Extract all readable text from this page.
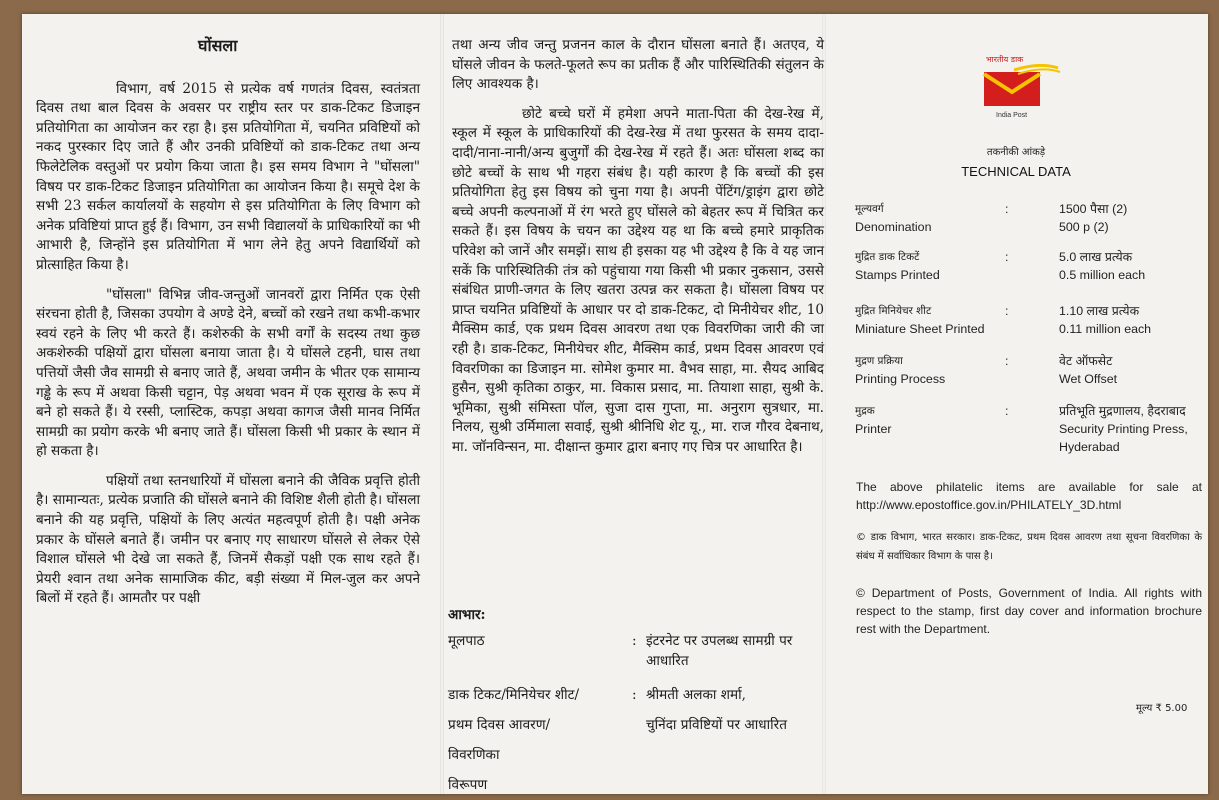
घोंसला

विभाग, वर्ष 2015 से प्रत्येक वर्ष गणतंत्र दिवस, स्वतंत्रता दिवस तथा बाल दिवस के अवसर पर राष्ट्रीय स्तर पर डाक-टिकट डिजाइन प्रतियोगिता का आयोजन कर रहा है। इस प्रतियोगिता में, चयनित प्रविष्टियों को नकद पुरस्कार दिए जाते हैं और उनकी प्रविष्टियों को डाक-टिकट तथा अन्य फिलेटेलिक वस्तुओं पर प्रयोग किया जाता है। इस समय विभाग ने "घोंसला" विषय पर डाक-टिकट डिजाइन प्रतियोगिता का आयोजन किया है। समूचे देश के सभी 23 सर्कल कार्यालयों के सहयोग से इस प्रतियोगिता के लिए विभाग को अनेक प्रविष्टियां प्राप्त हुई हैं। विभाग, उन सभी विद्यालयों के प्राधिकारियों का भी आभारी है, जिन्होंने इस प्रतियोगिता में भाग लेने हेतु अपने विद्यार्थियों को प्रोत्साहित किया है।

"घोंसला" विभिन्न जीव-जन्तुओं जानवरों द्वारा निर्मित एक ऐसी संरचना होती है, जिसका उपयोग वे अण्डे देने, बच्चों को रखने तथा कभी-कभार स्वयं रहने के लिए भी करते हैं। कशेरुकी के सभी वर्गों के सदस्य तथा कुछ अकशेरुकी पक्षियों द्वारा घोंसला बनाया जाता है। ये घोंसले टहनी, घास तथा पत्तियों जैसी जैव सामग्री से बनाए जाते हैं, अथवा जमीन के भीतर एक सामान्य गड्ढे के रूप में अथवा किसी चट्टान, पेड़ अथवा भवन में एक सूराख के रूप में बने हो सकते हैं। ये रस्सी, प्लास्टिक, कपड़ा अथवा कागज जैसी मानव निर्मित सामग्री का प्रयोग करके भी बनाए जाते हैं। घोंसला किसी भी प्रकार के स्थान में हो सकता है।

पक्षियों तथा स्तनधारियों में घोंसला बनाने की जैविक प्रवृत्ति होती है। सामान्यतः, प्रत्येक प्रजाति की घोंसले बनाने की विशिष्ट शैली होती है। घोंसला बनाने की यह प्रवृत्ति, पक्षियों के लिए अत्यंत महत्वपूर्ण होती है। पक्षी अनेक प्रकार के घोंसले बनाते हैं। जमीन पर बनाए गए साधारण घोंसले से लेकर ऐसे विशाल घोंसले भी देखे जा सकते हैं, जिनमें सैकड़ों पक्षी एक साथ रहते हैं। प्रेयरी श्वान तथा अनेक सामाजिक कीट, बड़ी संख्या में मिल-जुल कर अपने बिलों में रहते हैं। आमतौर पर पक्षी

तथा अन्य जीव जन्तु प्रजनन काल के दौरान घोंसला बनाते हैं। अतएव, ये घोंसले जीवन के फलते-फूलते रूप का प्रतीक हैं और पारिस्थितिकी संतुलन के लिए आवश्यक है।

छोटे बच्चे घरों में हमेशा अपने माता-पिता की देख-रेख में, स्कूल में स्कूल के प्राधिकारियों की देख-रेख में तथा फुरसत के समय दादा-दादी/नाना-नानी/अन्य बुजुर्गों की देख-रेख में रहते हैं। अतः घोंसला शब्द का छोटे बच्चों के साथ भी गहरा संबंध है। यही कारण है कि बच्चों की इस प्रतियोगिता हेतु इस विषय को चुना गया है। अपनी पेंटिंग/ड्राइंग द्वारा छोटे बच्चे अपनी कल्पनाओं में रंग भरते हुए घोंसले को बेहतर रूप में चित्रित कर सकते हैं। इस विषय के चयन का उद्देश्य यह था कि बच्चे हमारे प्राकृतिक परिवेश को जानें और समझें। साथ ही इसका यह भी उद्देश्य है कि वे यह जान सकें कि पारिस्थितिकी तंत्र को पहुंचाया गया किसी भी प्रकार नुकसान, उससे संबंधित प्राणी-जगत के लिए खतरा उत्पन्न कर सकता है। घोंसला विषय पर प्राप्त चयनित प्रविष्टियों के आधार पर दो डाक-टिकट, दो मिनीयेचर शीट, 10 मैक्सिम कार्ड, एक प्रथम दिवस आवरण तथा एक विवरणिका जारी की जा रही है। डाक-टिकट, मिनीयेचर शीट, मैक्सिम कार्ड, प्रथम दिवस आवरण एवं विवरणिका का डिजाइन मा. सोमेश कुमार मा. वैभव साहा, मा. सैयद आबिद हुसैन, सुश्री कृतिका ठाकुर, मा. विकास प्रसाद, मा. तियाशा साहा, सुश्री के. भूमिका, सुश्री संमिस्ता पॉल, सुजा दास गुप्ता, मा. अनुराग सुत्रधार, मा. निलय, सुश्री उर्मिमाला सवाई, सुश्री श्रीनिधि शेट यू., मा. राज गौरव देबनाथ, मा. जॉनविन्सन, मा. दीक्षान्त कुमार द्वारा बनाए गए चित्र पर आधारित है।

आभार:
मूलपाठ	: इंटरनेट पर उपलब्ध सामग्री पर
आधारित
डाक टिकट/मिनियेचर शीट/	: श्रीमती अलका शर्मा,
प्रथम दिवस आवरण/	चुनिंदा प्रविष्टियों पर आधारित
विवरणिका
विरूपण
भारतीय डाक
India Post
तकनीकी आंकड़े
TECHNICAL DATA
मूल्यवर्ग	:	1500 पैसा (2)
Denomination	500 p (2)
मुद्रित डाक टिकटें	:	5.0 लाख प्रत्येक
Stamps Printed	0.5 million each
मुद्रित मिनियेचर शीट	:	1.10 लाख प्रत्येक
Miniature Sheet Printed	0.11 million each
मुद्रण प्रक्रिया	:	वेट ऑफसेट
Printing Process	Wet Offset
मुद्रक	:	प्रतिभूति मुद्रणालय, हैदराबाद
Printer	Security Printing Press, Hyderabad
The above philatelic items are available for sale at http://www.epostoffice.gov.in/PHILATELY_3D.html
© डाक विभाग, भारत सरकार। डाक-टिकट, प्रथम दिवस आवरण तथा सूचना विवरणिका के संबंध में सर्वाधिकार विभाग के पास है।
© Department of Posts, Government of India. All rights with respect to the stamp, first day cover and information brochure rest with the Department.
मूल्य ₹ 5.00
